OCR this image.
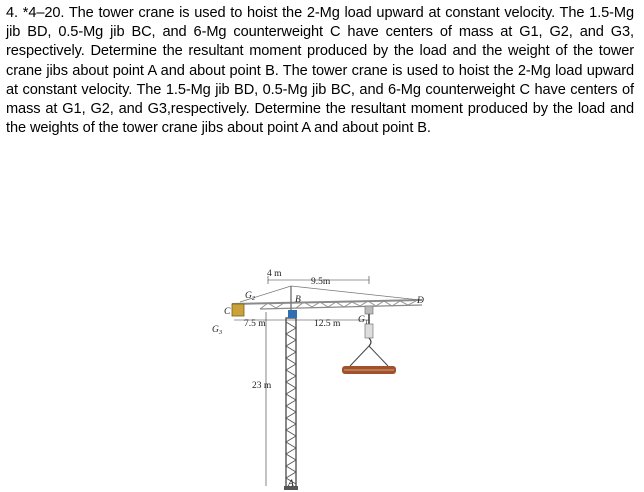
4. *4–20. The tower crane is used to hoist the 2-Mg load upward at constant velocity. The 1.5-Mg jib BD, 0.5-Mg jib BC, and 6-Mg counterweight C have centers of mass at G1, G2, and G3, respectively. Determine the resultant moment produced by the load and the weight of the tower crane jibs about point A and about point B. The tower crane is used to hoist the 2-Mg load upward at constant velocity. The 1.5-Mg jib BD, 0.5-Mg jib BC, and 6-Mg counterweight C have centers of mass at G1, G2, and G3,respectively. Determine the resultant moment produced by the load and the weights of the tower crane jibs about point A and about point B.

4 m
9.5m
7.5 m	12.5 m
23 m
$G_1$
$G_2$
$G_3$
B
C
D
A
